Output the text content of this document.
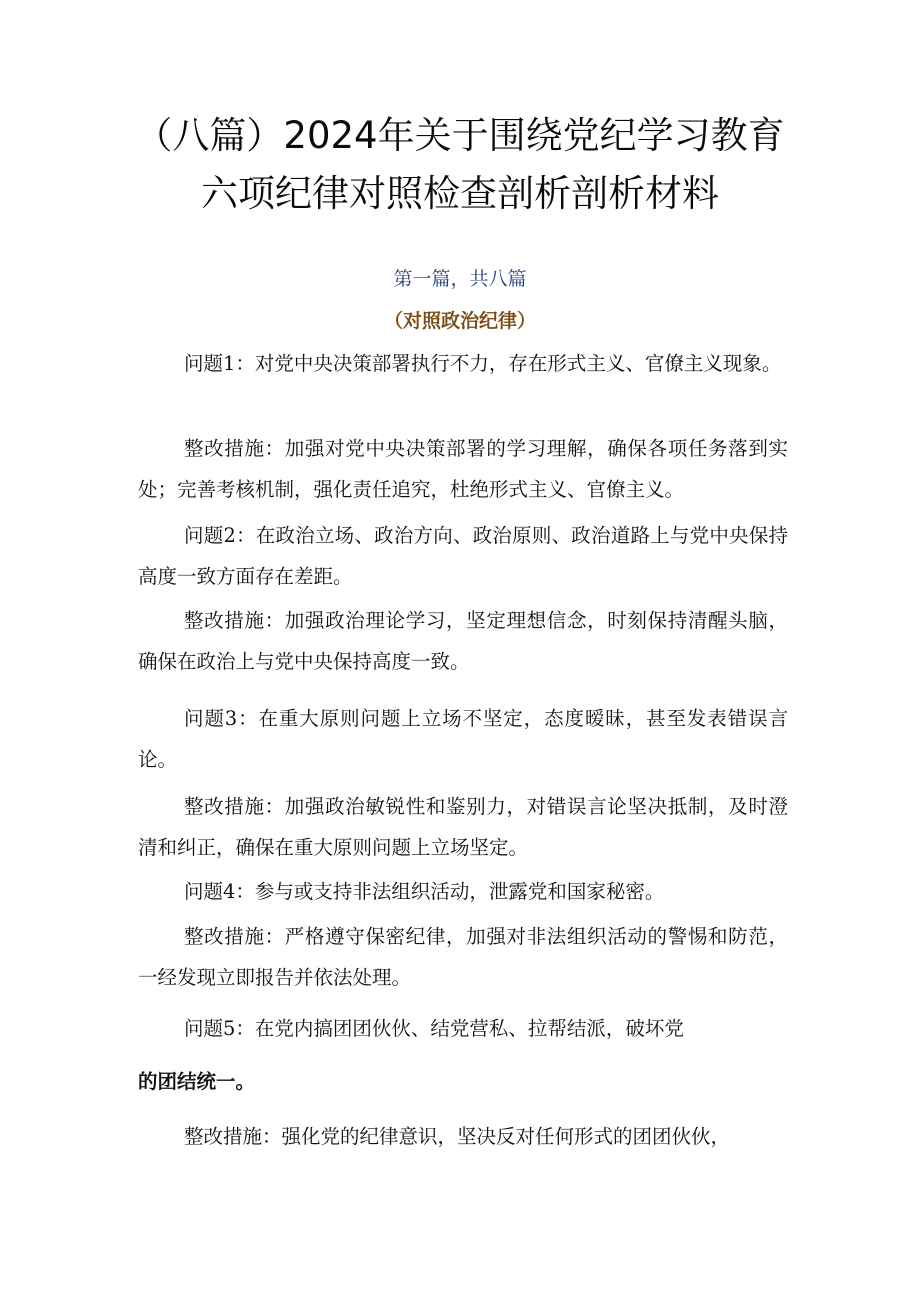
（八篇）2024年关于围绕党纪学习教育六项纪律对照检查剖析剖析材料
第一篇，共八篇
（对照政治纪律）

问题1：对党中央决策部署执行不力，存在形式主义、官僚主义现象。

整改措施：加强对党中央决策部署的学习理解，确保各项任务落到实处；完善考核机制，强化责任追究，杜绝形式主义、官僚主义。

问题2：在政治立场、政治方向、政治原则、政治道路上与党中央保持高度一致方面存在差距。

整改措施：加强政治理论学习，坚定理想信念，时刻保持清醒头脑，确保在政治上与党中央保持高度一致。

问题3：在重大原则问题上立场不坚定，态度暧昧，甚至发表错误言论。

整改措施：加强政治敏锐性和鉴别力，对错误言论坚决抵制，及时澄清和纠正，确保在重大原则问题上立场坚定。

问题4：参与或支持非法组织活动，泄露党和国家秘密。

整改措施：严格遵守保密纪律，加强对非法组织活动的警惕和防范，一经发现立即报告并依法处理。

问题5：在党内搞团团伙伙、结党营私、拉帮结派，破坏党

的团结统一。

整改措施：强化党的纪律意识，坚决反对任何形式的团团伙伙，
